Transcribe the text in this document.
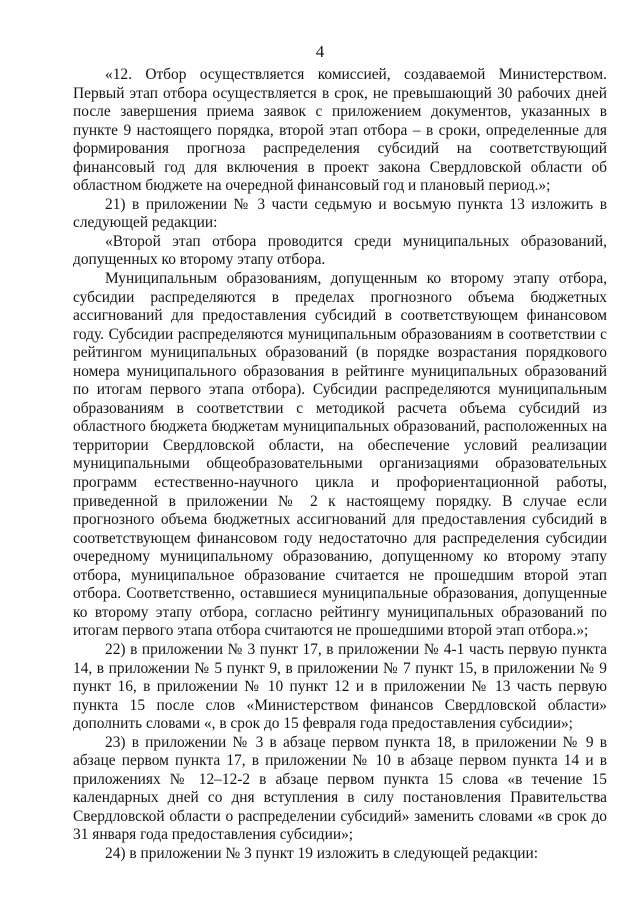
4

«12. Отбор осуществляется комиссией, создаваемой Министерством. Первый этап отбора осуществляется в срок, не превышающий 30 рабочих дней после завершения приема заявок с приложением документов, указанных в пункте 9 настоящего порядка, второй этап отбора – в сроки, определенные для формирования прогноза распределения субсидий на соответствующий финансовый год для включения в проект закона Свердловской области об областном бюджете на очередной финансовый год и плановый период.»;

21) в приложении № 3 части седьмую и восьмую пункта 13 изложить в следующей редакции:

«Второй этап отбора проводится среди муниципальных образований, допущенных ко второму этапу отбора.

Муниципальным образованиям, допущенным ко второму этапу отбора, субсидии распределяются в пределах прогнозного объема бюджетных ассигнований для предоставления субсидий в соответствующем финансовом году. Субсидии распределяются муниципальным образованиям в соответствии с рейтингом муниципальных образований (в порядке возрастания порядкового номера муниципального образования в рейтинге муниципальных образований по итогам первого этапа отбора). Субсидии распределяются муниципальным образованиям в соответствии с методикой расчета объема субсидий из областного бюджета бюджетам муниципальных образований, расположенных на территории Свердловской области, на обеспечение условий реализации муниципальными общеобразовательными организациями образовательных программ естественно-научного цикла и профориентационной работы, приведенной в приложении № 2 к настоящему порядку. В случае если прогнозного объема бюджетных ассигнований для предоставления субсидий в соответствующем финансовом году недостаточно для распределения субсидии очередному муниципальному образованию, допущенному ко второму этапу отбора, муниципальное образование считается не прошедшим второй этап отбора. Соответственно, оставшиеся муниципальные образования, допущенные ко второму этапу отбора, согласно рейтингу муниципальных образований по итогам первого этапа отбора считаются не прошедшими второй этап отбора.»;

22) в приложении № 3 пункт 17, в приложении № 4-1 часть первую пункта 14, в приложении № 5 пункт 9, в приложении № 7 пункт 15, в приложении № 9 пункт 16, в приложении № 10 пункт 12 и в приложении № 13 часть первую пункта 15 после слов «Министерством финансов Свердловской области» дополнить словами «, в срок до 15 февраля года предоставления субсидии»;

23) в приложении № 3 в абзаце первом пункта 18, в приложении № 9 в абзаце первом пункта 17, в приложении № 10 в абзаце первом пункта 14 и в приложениях № 12–12-2 в абзаце первом пункта 15 слова «в течение 15 календарных дней со дня вступления в силу постановления Правительства Свердловской области о распределении субсидий» заменить словами «в срок до 31 января года предоставления субсидии»;

24) в приложении № 3 пункт 19 изложить в следующей редакции:
